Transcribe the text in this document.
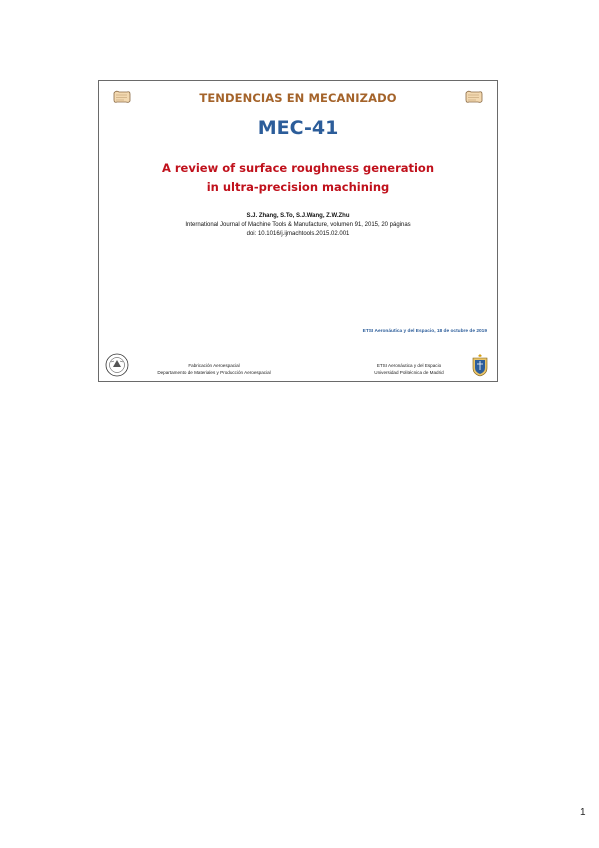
TENDENCIAS EN MECANIZADO
MEC-41
A review of surface roughness generation
in ultra-precision machining
S.J. Zhang, S.To, S.J.Wang, Z.W.Zhu
International Journal of Machine Tools & Manufacture, volumen 91, 2015, 20 páginas
doi: 10.1016/j.ijmachtools.2015.02.001
ETSI Aeronáutica y del Espacio, 18 de octubre de 2019
Fabricación Aeroespacial
Departamento de Materiales y Producción Aeroespacial
ETSI Aeronáutica y del Espacio
Universidad Politécnica de Madrid
1
